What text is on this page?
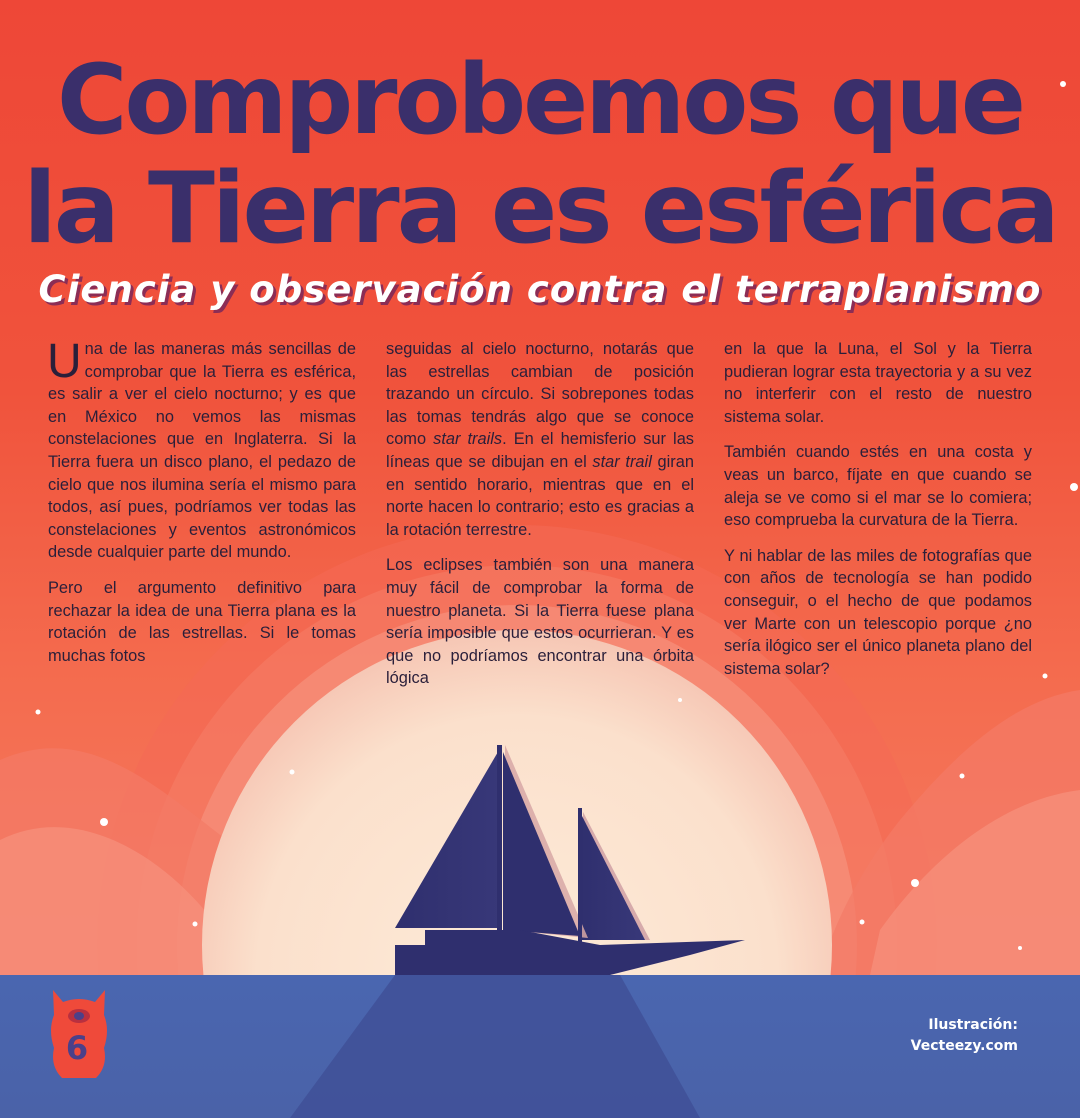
Comprobemos que
la Tierra es esférica
Ciencia y observación contra el terraplanismo

Una de las maneras más sencillas de comprobar que la Tierra es esférica, es salir a ver el cielo nocturno; y es que en México no vemos las mismas constelaciones que en Inglaterra. Si la Tierra fuera un disco plano, el pedazo de cielo que nos ilumina sería el mismo para todos, así pues, podríamos ver todas las constelaciones y eventos astronómicos desde cualquier parte del mundo.

Pero el argumento definitivo para rechazar la idea de una Tierra plana es la rotación de las estrellas. Si le tomas muchas fotos

seguidas al cielo nocturno, notarás que las estrellas cambian de posición trazando un círculo. Si sobrepones todas las tomas tendrás algo que se conoce como star trails. En el hemisferio sur las líneas que se dibujan en el star trail giran en sentido horario, mientras que en el norte hacen lo contrario; esto es gracias a la rotación terrestre.

Los eclipses también son una manera muy fácil de comprobar la forma de nuestro planeta. Si la Tierra fuese plana sería imposible que estos ocurrieran. Y es que no podríamos encontrar una órbita lógica

en la que la Luna, el Sol y la Tierra pudieran lograr esta trayectoria y a su vez no interferir con el resto de nuestro sistema solar.

También cuando estés en una costa y veas un barco, fíjate en que cuando se aleja se ve como si el mar se lo comiera; eso comprueba la curvatura de la Tierra.

Y ni hablar de las miles de fotografías que con años de tecnología se han podido conseguir, o el hecho de que podamos ver Marte con un telescopio porque ¿no sería ilógico ser el único planeta plano del sistema solar?

Ilustración:
Vecteezy.com
6
